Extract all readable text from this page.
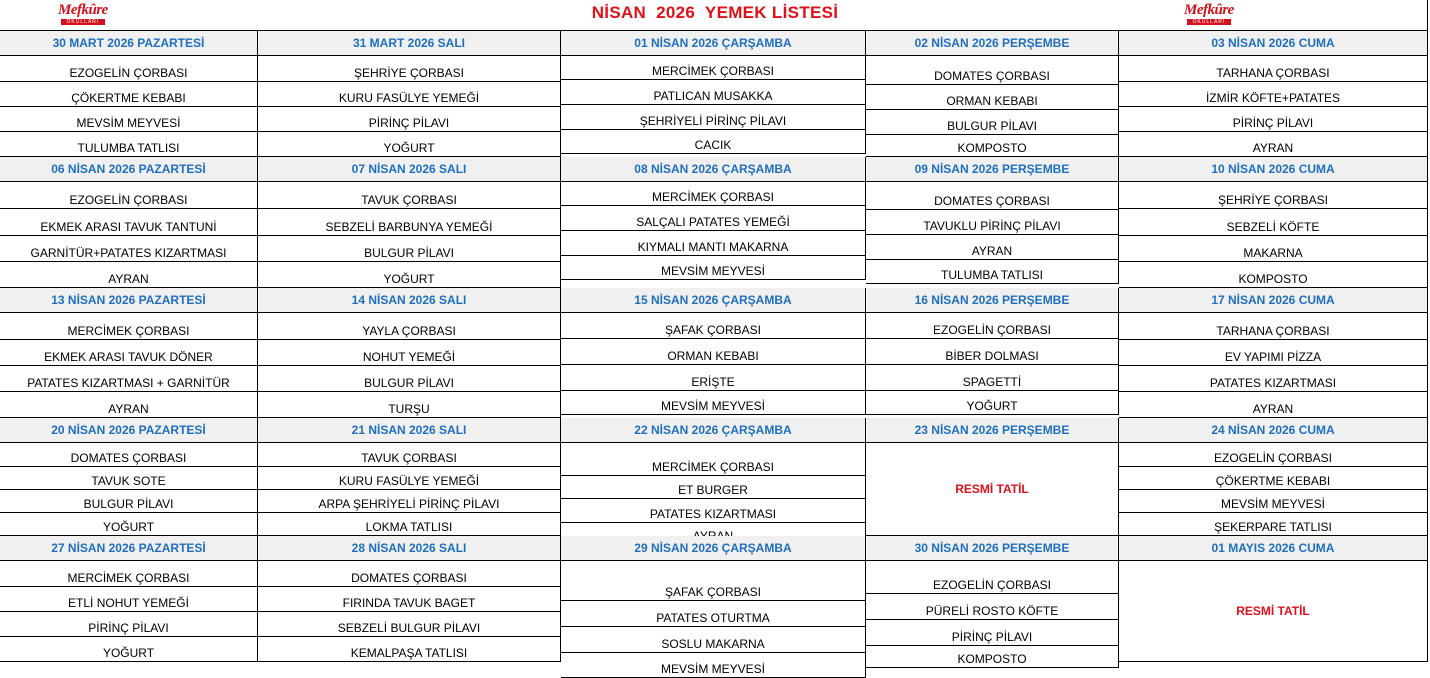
Mefkûre
OKULLARI	NİSAN  2026  YEMEK LİSTESİ	Mefkûre
OKULLARI
30 MART 2026 PAZARTESİ
EZOGELİN ÇORBASI
ÇÖKERTME KEBABI
MEVSİM MEYVESİ
TULUMBA TATLISI
31 MART 2026 SALI
ŞEHRİYE ÇORBASI
KURU FASÜLYE YEMEĞİ
PİRİNÇ PİLAVI
YOĞURT
01 NİSAN 2026 ÇARŞAMBA
MERCİMEK ÇORBASI
PATLICAN MUSAKKA
ŞEHRİYELİ PİRİNÇ PİLAVI
CACIK
02 NİSAN 2026 PERŞEMBE
DOMATES ÇORBASI
ORMAN KEBABI
BULGUR PİLAVI
KOMPOSTO
03 NİSAN 2026 CUMA
TARHANA ÇORBASI
İZMİR KÖFTE+PATATES
PİRİNÇ PİLAVI
AYRAN
06 NİSAN 2026 PAZARTESİ
EZOGELİN ÇORBASI
EKMEK ARASI TAVUK TANTUNİ
GARNİTÜR+PATATES KIZARTMASI
AYRAN
07 NİSAN 2026 SALI
TAVUK ÇORBASI
SEBZELİ BARBUNYA YEMEĞİ
BULGUR PİLAVI
YOĞURT
08 NİSAN 2026 ÇARŞAMBA
MERCİMEK ÇORBASI
SALÇALI PATATES YEMEĞİ
KIYMALI MANTI MAKARNA
MEVSİM MEYVESİ
09 NİSAN 2026 PERŞEMBE
DOMATES ÇORBASI
TAVUKLU PİRİNÇ PİLAVI
AYRAN
TULUMBA TATLISI
10 NİSAN 2026 CUMA
ŞEHRİYE ÇORBASI
SEBZELİ KÖFTE
MAKARNA
KOMPOSTO
13 NİSAN 2026 PAZARTESİ
MERCİMEK ÇORBASI
EKMEK ARASI TAVUK DÖNER
PATATES KIZARTMASI + GARNİTÜR
AYRAN
14 NİSAN 2026 SALI
YAYLA ÇORBASI
NOHUT YEMEĞİ
BULGUR PİLAVI
TURŞU
15 NİSAN 2026 ÇARŞAMBA
ŞAFAK ÇORBASI
ORMAN KEBABI
ERİŞTE
MEVSİM MEYVESİ
16 NİSAN 2026 PERŞEMBE
EZOGELİN ÇORBASI
BİBER DOLMASI
SPAGETTİ
YOĞURT
17 NİSAN 2026 CUMA
TARHANA ÇORBASI
EV YAPIMI PİZZA
PATATES KIZARTMASI
AYRAN
20 NİSAN 2026 PAZARTESİ
DOMATES ÇORBASI
TAVUK SOTE
BULGUR PİLAVI
YOĞURT
21 NİSAN 2026 SALI
TAVUK ÇORBASI
KURU FASÜLYE YEMEĞİ
ARPA ŞEHRİYELİ PİRİNÇ PİLAVI
LOKMA TATLISI
22 NİSAN 2026 ÇARŞAMBA
MERCİMEK ÇORBASI
ET BURGER
PATATES KIZARTMASI
23 NİSAN 2026 PERŞEMBE
RESMİ TATİL
24 NİSAN 2026 CUMA
EZOGELİN ÇORBASI
ÇÖKERTME KEBABI
MEVSİM MEYVESİ
ŞEKERPARE TATLISI
27 NİSAN 2026 PAZARTESİ
MERCİMEK ÇORBASI
ETLİ NOHUT YEMEĞİ
PİRİNÇ PİLAVI
YOĞURT
28 NİSAN 2026 SALI
DOMATES ÇORBASI
FIRINDA TAVUK BAGET
SEBZELİ BULGUR PİLAVI
KEMALPAŞA TATLISI
29 NİSAN 2026 ÇARŞAMBA
ŞAFAK ÇORBASI
PATATES OTURTMA
SOSLU MAKARNA
MEVSİM MEYVESİ
30 NİSAN 2026 PERŞEMBE
EZOGELİN ÇORBASI
PÜRELİ ROSTO KÖFTE
PİRİNÇ PİLAVI
KOMPOSTO
01 MAYIS 2026 CUMA
RESMİ TATİL
